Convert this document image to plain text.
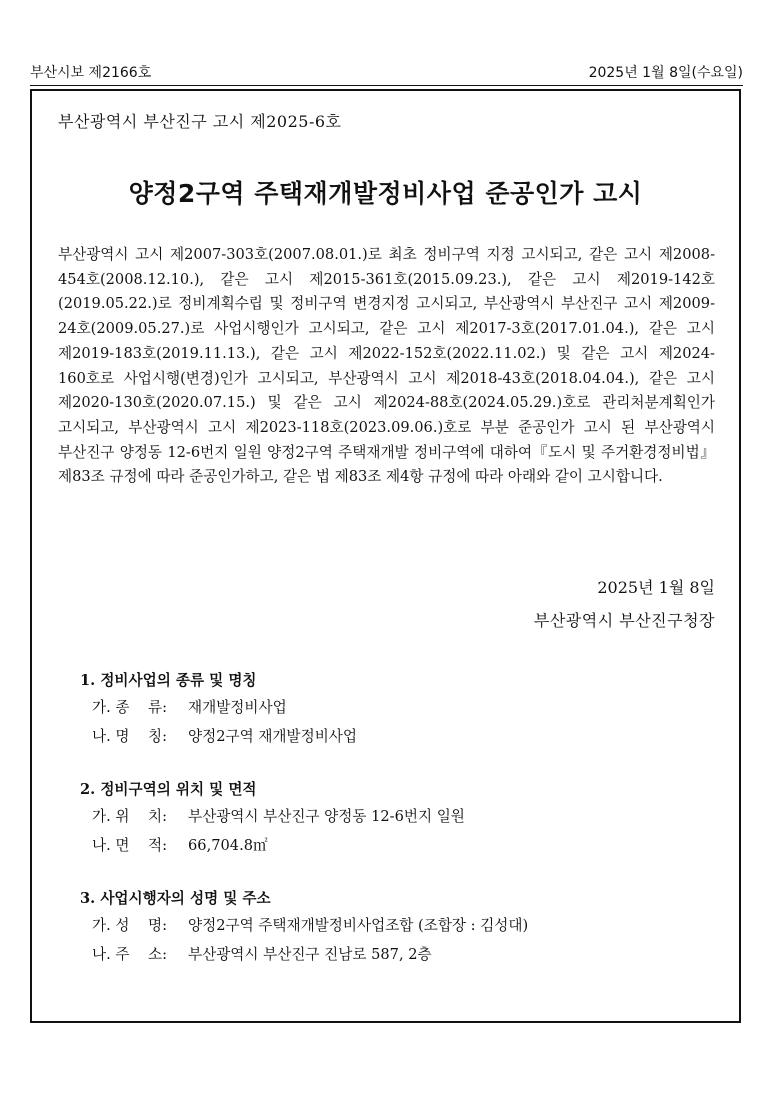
부산시보 제2166호	2025년 1월 8일(수요일)
부산광역시 부산진구 고시 제2025-6호
양정2구역 주택재개발정비사업 준공인가 고시
부산광역시 고시 제2007-303호(2007.08.01.)로 최초 정비구역 지정 고시되고, 같은 고시 제2008-454호(2008.12.10.), 같은 고시 제2015-361호(2015.09.23.), 같은 고시 제2019-142호(2019.05.22.)로 정비계획수립 및 정비구역 변경지정 고시되고, 부산광역시 부산진구 고시 제2009-24호(2009.05.27.)로 사업시행인가 고시되고, 같은 고시 제2017-3호(2017.01.04.), 같은 고시 제2019-183호(2019.11.13.), 같은 고시 제2022-152호(2022.11.02.) 및 같은 고시 제2024-160호로 사업시행(변경)인가 고시되고, 부산광역시 고시 제2018-43호(2018.04.04.), 같은 고시 제2020-130호(2020.07.15.) 및 같은 고시 제2024-88호(2024.05.29.)호로 관리처분계획인가 고시되고, 부산광역시 고시 제2023-118호(2023.09.06.)호로 부분 준공인가 고시 된 부산광역시 부산진구 양정동 12-6번지 일원 양정2구역 주택재개발 정비구역에 대하여『도시 및 주거환경정비법』제83조 규정에 따라 준공인가하고, 같은 법 제83조 제4항 규정에 따라 아래와 같이 고시합니다.
2025년 1월 8일
부산광역시 부산진구청장
1. 정비사업의 종류 및 명칭
가. 종    류:	재개발정비사업
나. 명    칭:	양정2구역 재개발정비사업
2. 정비구역의 위치 및 면적
가. 위    치:	부산광역시 부산진구 양정동 12-6번지 일원
나. 면    적:	66,704.8㎡
3. 사업시행자의 성명 및 주소
가. 성    명:	양정2구역 주택재개발정비사업조합 (조합장 : 김성대)
나. 주    소:	부산광역시 부산진구 진남로 587, 2층
